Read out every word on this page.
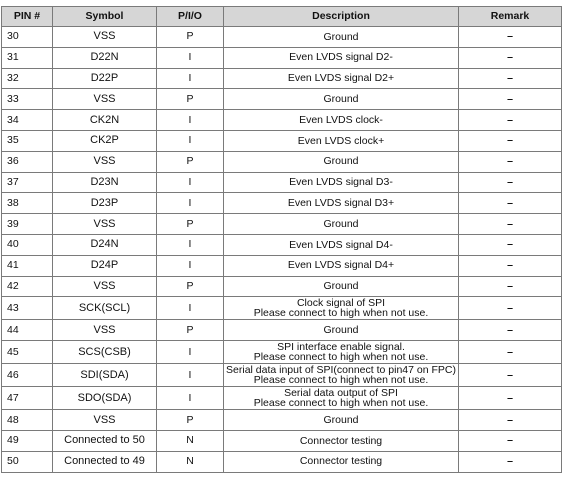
PIN #	Symbol	P/I/O	Description	Remark
30	VSS	P	Ground	–
31	D22N	I	Even LVDS signal D2-	–
32	D22P	I	Even LVDS signal D2+	–
33	VSS	P	Ground	–
34	CK2N	I	Even LVDS clock-	–
35	CK2P	I	Even LVDS clock+	–
36	VSS	P	Ground	–
37	D23N	I	Even LVDS signal D3-	–
38	D23P	I	Even LVDS signal D3+	–
39	VSS	P	Ground	–
40	D24N	I	Even LVDS signal D4-	–
41	D24P	I	Even LVDS signal D4+	–
42	VSS	P	Ground	–
43	SCK(SCL)	I	Clock signal of SPI
Please connect to high when not use.	–
44	VSS	P	Ground	–
45	SCS(CSB)	I	SPI interface enable signal.
Please connect to high when not use.	–
46	SDI(SDA)	I	Serial data input of SPI(connect to pin47 on FPC)
Please connect to high when not use.	–
47	SDO(SDA)	I	Serial data output of SPI
Please connect to high when not use.	–
48	VSS	P	Ground	–
49	Connected to 50	N	Connector testing	–
50	Connected to 49	N	Connector testing	–
